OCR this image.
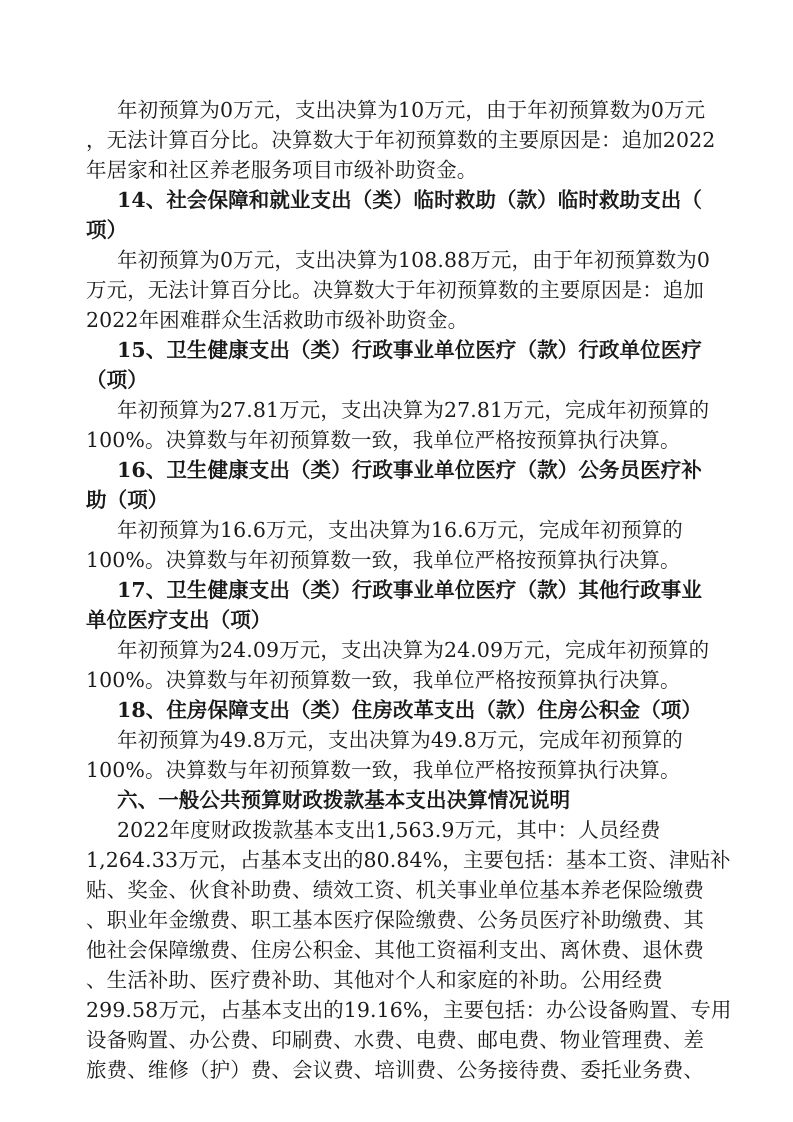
年初预算为0万元，支出决算为10万元，由于年初预算数为0万元

，无法计算百分比。决算数大于年初预算数的主要原因是：追加2022

年居家和社区养老服务项目市级补助资金。

14、社会保障和就业支出（类）临时救助（款）临时救助支出（

项）

年初预算为0万元，支出决算为108.88万元，由于年初预算数为0

万元，无法计算百分比。决算数大于年初预算数的主要原因是：追加

2022年困难群众生活救助市级补助资金。

15、卫生健康支出（类）行政事业单位医疗（款）行政单位医疗

（项）

年初预算为27.81万元，支出决算为27.81万元，完成年初预算的

100%。决算数与年初预算数一致，我单位严格按预算执行决算。

16、卫生健康支出（类）行政事业单位医疗（款）公务员医疗补

助（项）

年初预算为16.6万元，支出决算为16.6万元，完成年初预算的

100%。决算数与年初预算数一致，我单位严格按预算执行决算。

17、卫生健康支出（类）行政事业单位医疗（款）其他行政事业

单位医疗支出（项）

年初预算为24.09万元，支出决算为24.09万元，完成年初预算的

100%。决算数与年初预算数一致，我单位严格按预算执行决算。

18、住房保障支出（类）住房改革支出（款）住房公积金（项）

年初预算为49.8万元，支出决算为49.8万元，完成年初预算的

100%。决算数与年初预算数一致，我单位严格按预算执行决算。

六、一般公共预算财政拨款基本支出决算情况说明

2022年度财政拨款基本支出1,563.9万元，其中：人员经费

1,264.33万元，占基本支出的80.84%，主要包括：基本工资、津贴补

贴、奖金、伙食补助费、绩效工资、机关事业单位基本养老保险缴费

、职业年金缴费、职工基本医疗保险缴费、公务员医疗补助缴费、其

他社会保障缴费、住房公积金、其他工资福利支出、离休费、退休费

、生活补助、医疗费补助、其他对个人和家庭的补助。公用经费

299.58万元，占基本支出的19.16%，主要包括：办公设备购置、专用

设备购置、办公费、印刷费、水费、电费、邮电费、物业管理费、差

旅费、维修（护）费、会议费、培训费、公务接待费、委托业务费、
